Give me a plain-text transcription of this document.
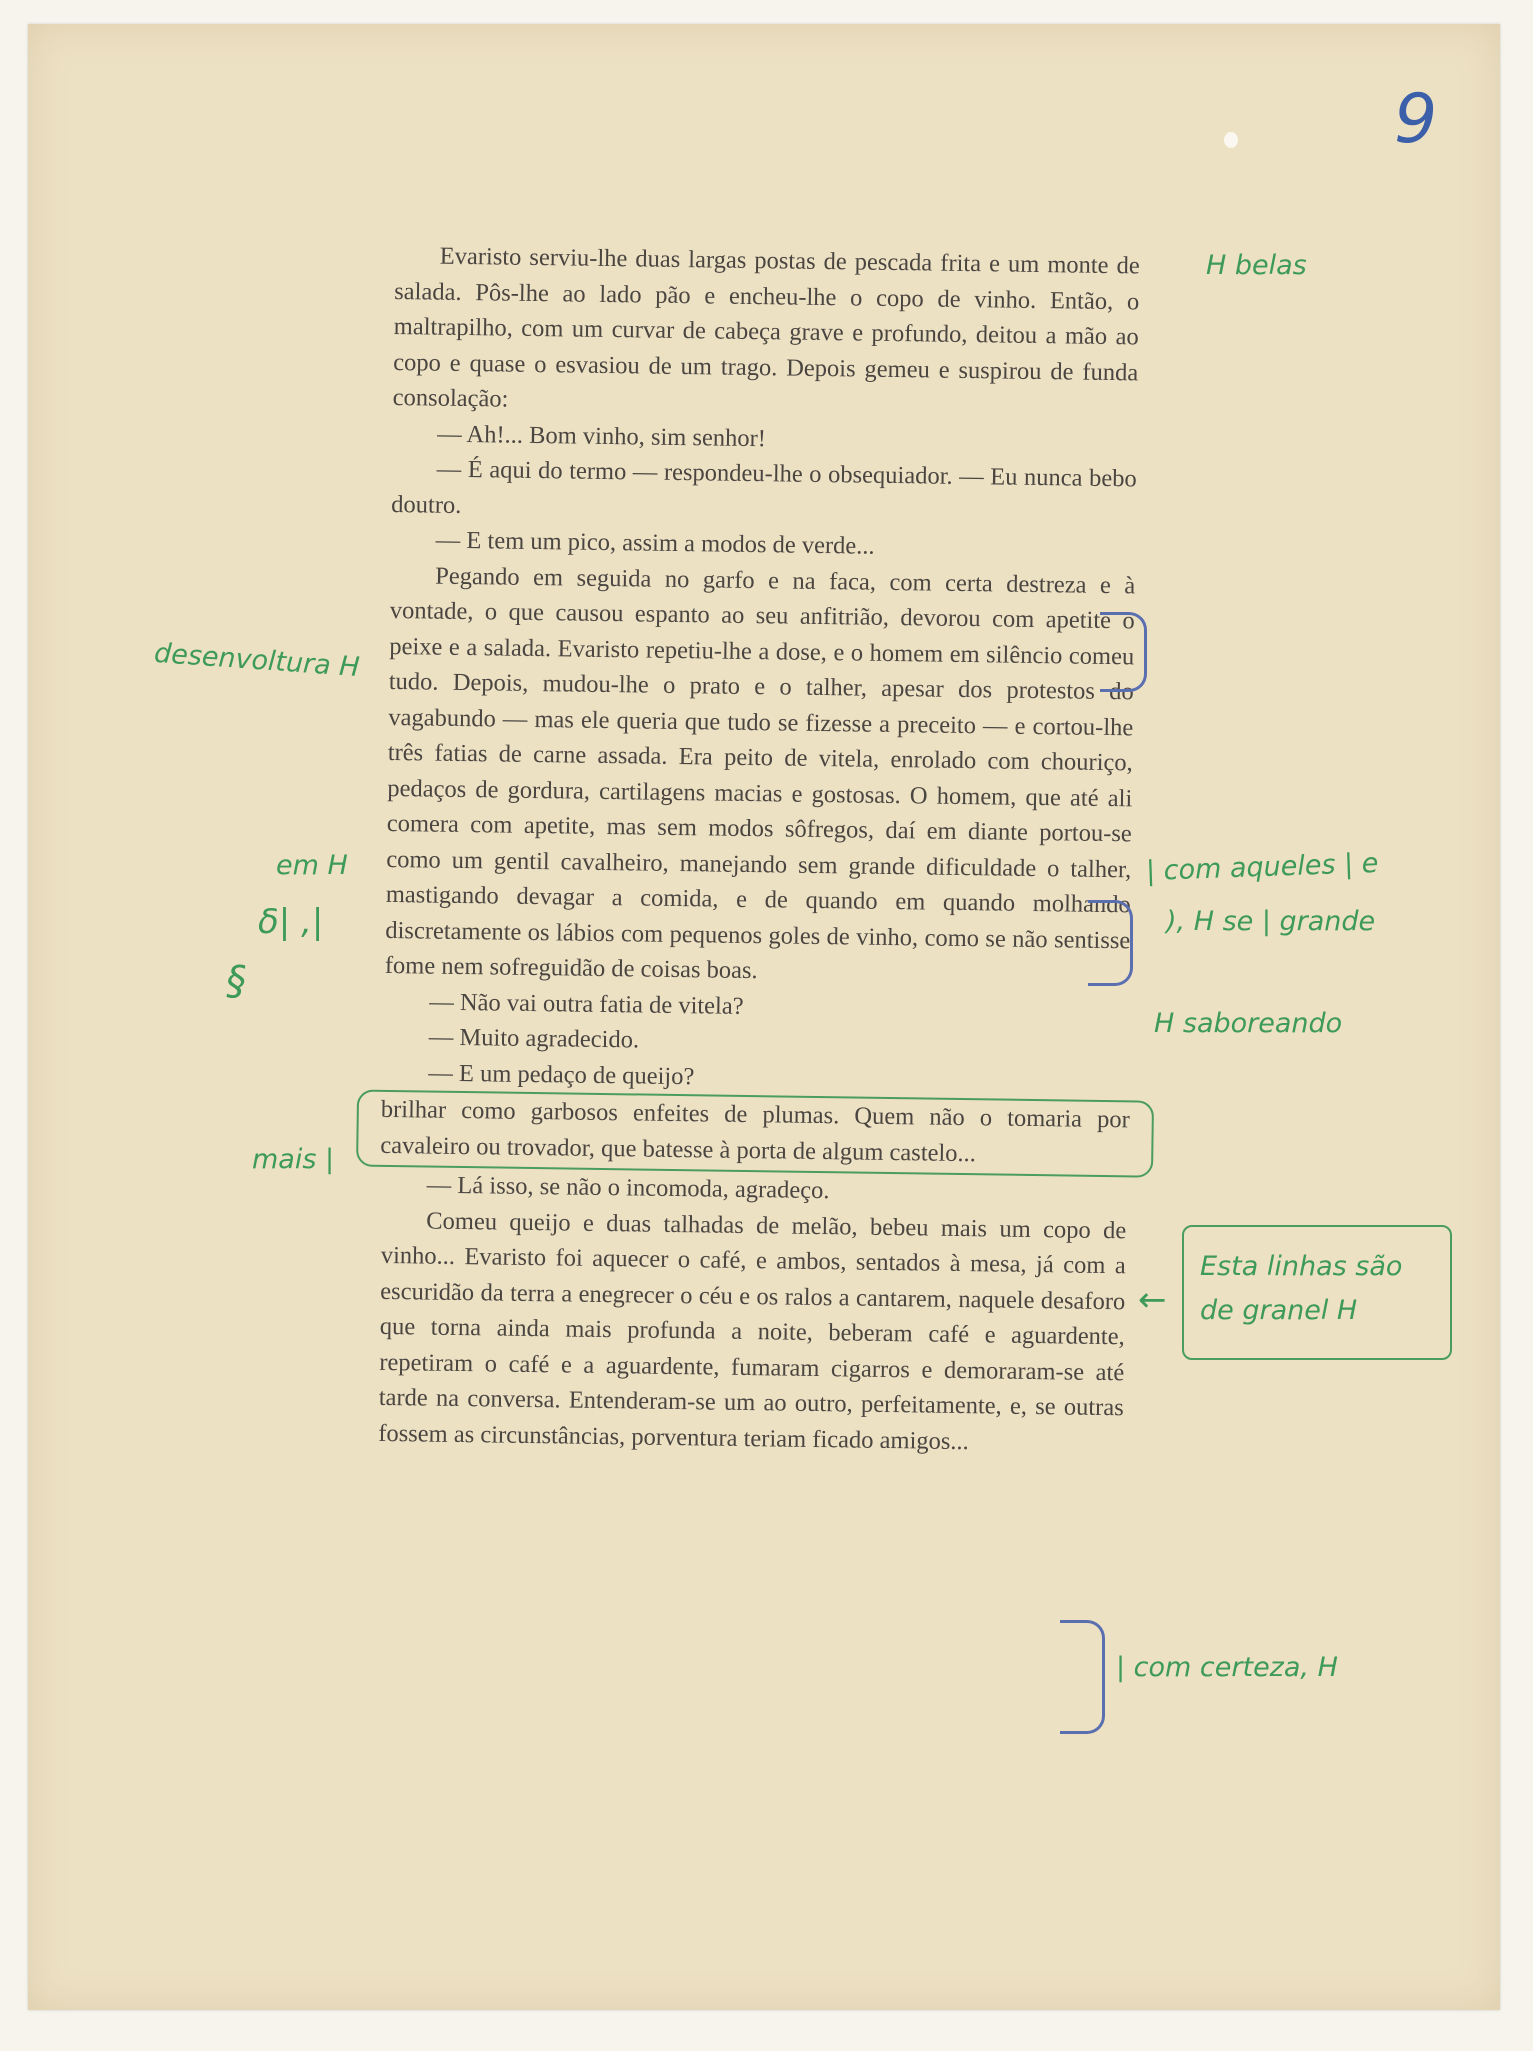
9

Evaristo serviu-lhe duas largas postas de pescada frita e um monte de salada. Pôs-lhe ao lado pão e encheu-lhe o copo de vinho. Então, o maltrapilho, com um curvar de cabeça grave e profundo, deitou a mão ao copo e quase o esvasiou de um trago. Depois gemeu e suspirou de funda consolação:

— Ah!... Bom vinho, sim senhor!

— É aqui do termo — respondeu-lhe o obsequiador. — Eu nunca bebo doutro.

— E tem um pico, assim a modos de verde...

Pegando em seguida no garfo e na faca, com certa destreza e à vontade, o que causou espanto ao seu anfitrião, devorou com apetite o peixe e a salada. Evaristo repetiu-lhe a dose, e o homem em silêncio comeu tudo. Depois, mudou-lhe o prato e o talher, apesar dos protestos do vagabundo — mas ele queria que tudo se fizesse a preceito — e cortou-lhe três fatias de carne assada. Era peito de vitela, enrolado com chouriço, pedaços de gordura, cartilagens macias e gostosas. O homem, que até ali comera com apetite, mas sem modos sôfregos, daí em diante portou-se como um gentil cavalheiro, manejando sem grande dificuldade o talher, mastigando devagar a comida, e de quando em quando molhando discretamente os lábios com pequenos goles de vinho, como se não sentisse fome nem sofreguidão de coisas boas.

— Não vai outra fatia de vitela?

— Muito agradecido.

— E um pedaço de queijo?

brilhar como garbosos enfeites de plumas. Quem não o tomaria por cavaleiro ou trovador, que batesse à porta de algum castelo...

— Lá isso, se não o incomoda, agradeço.

Comeu queijo e duas talhadas de melão, bebeu mais um copo de vinho... Evaristo foi aquecer o café, e ambos, sentados à mesa, já com a escuridão da terra a enegrecer o céu e os ralos a cantarem, naquele desaforo que torna ainda mais profunda a noite, beberam café e aguardente, repetiram o café e a aguardente, fumaram cigarros e demoraram-se até tarde na conversa. Entenderam-se um ao outro, perfeitamente, e, se outras fossem as circunstâncias, porventura teriam ficado amigos...

H belas

desenvoltura H

em H	| com aqueles | e

), H se | grande

δ| ,|

§

H saboreando

mais |

←

Esta linhas são

de granel H

| com certeza, H
